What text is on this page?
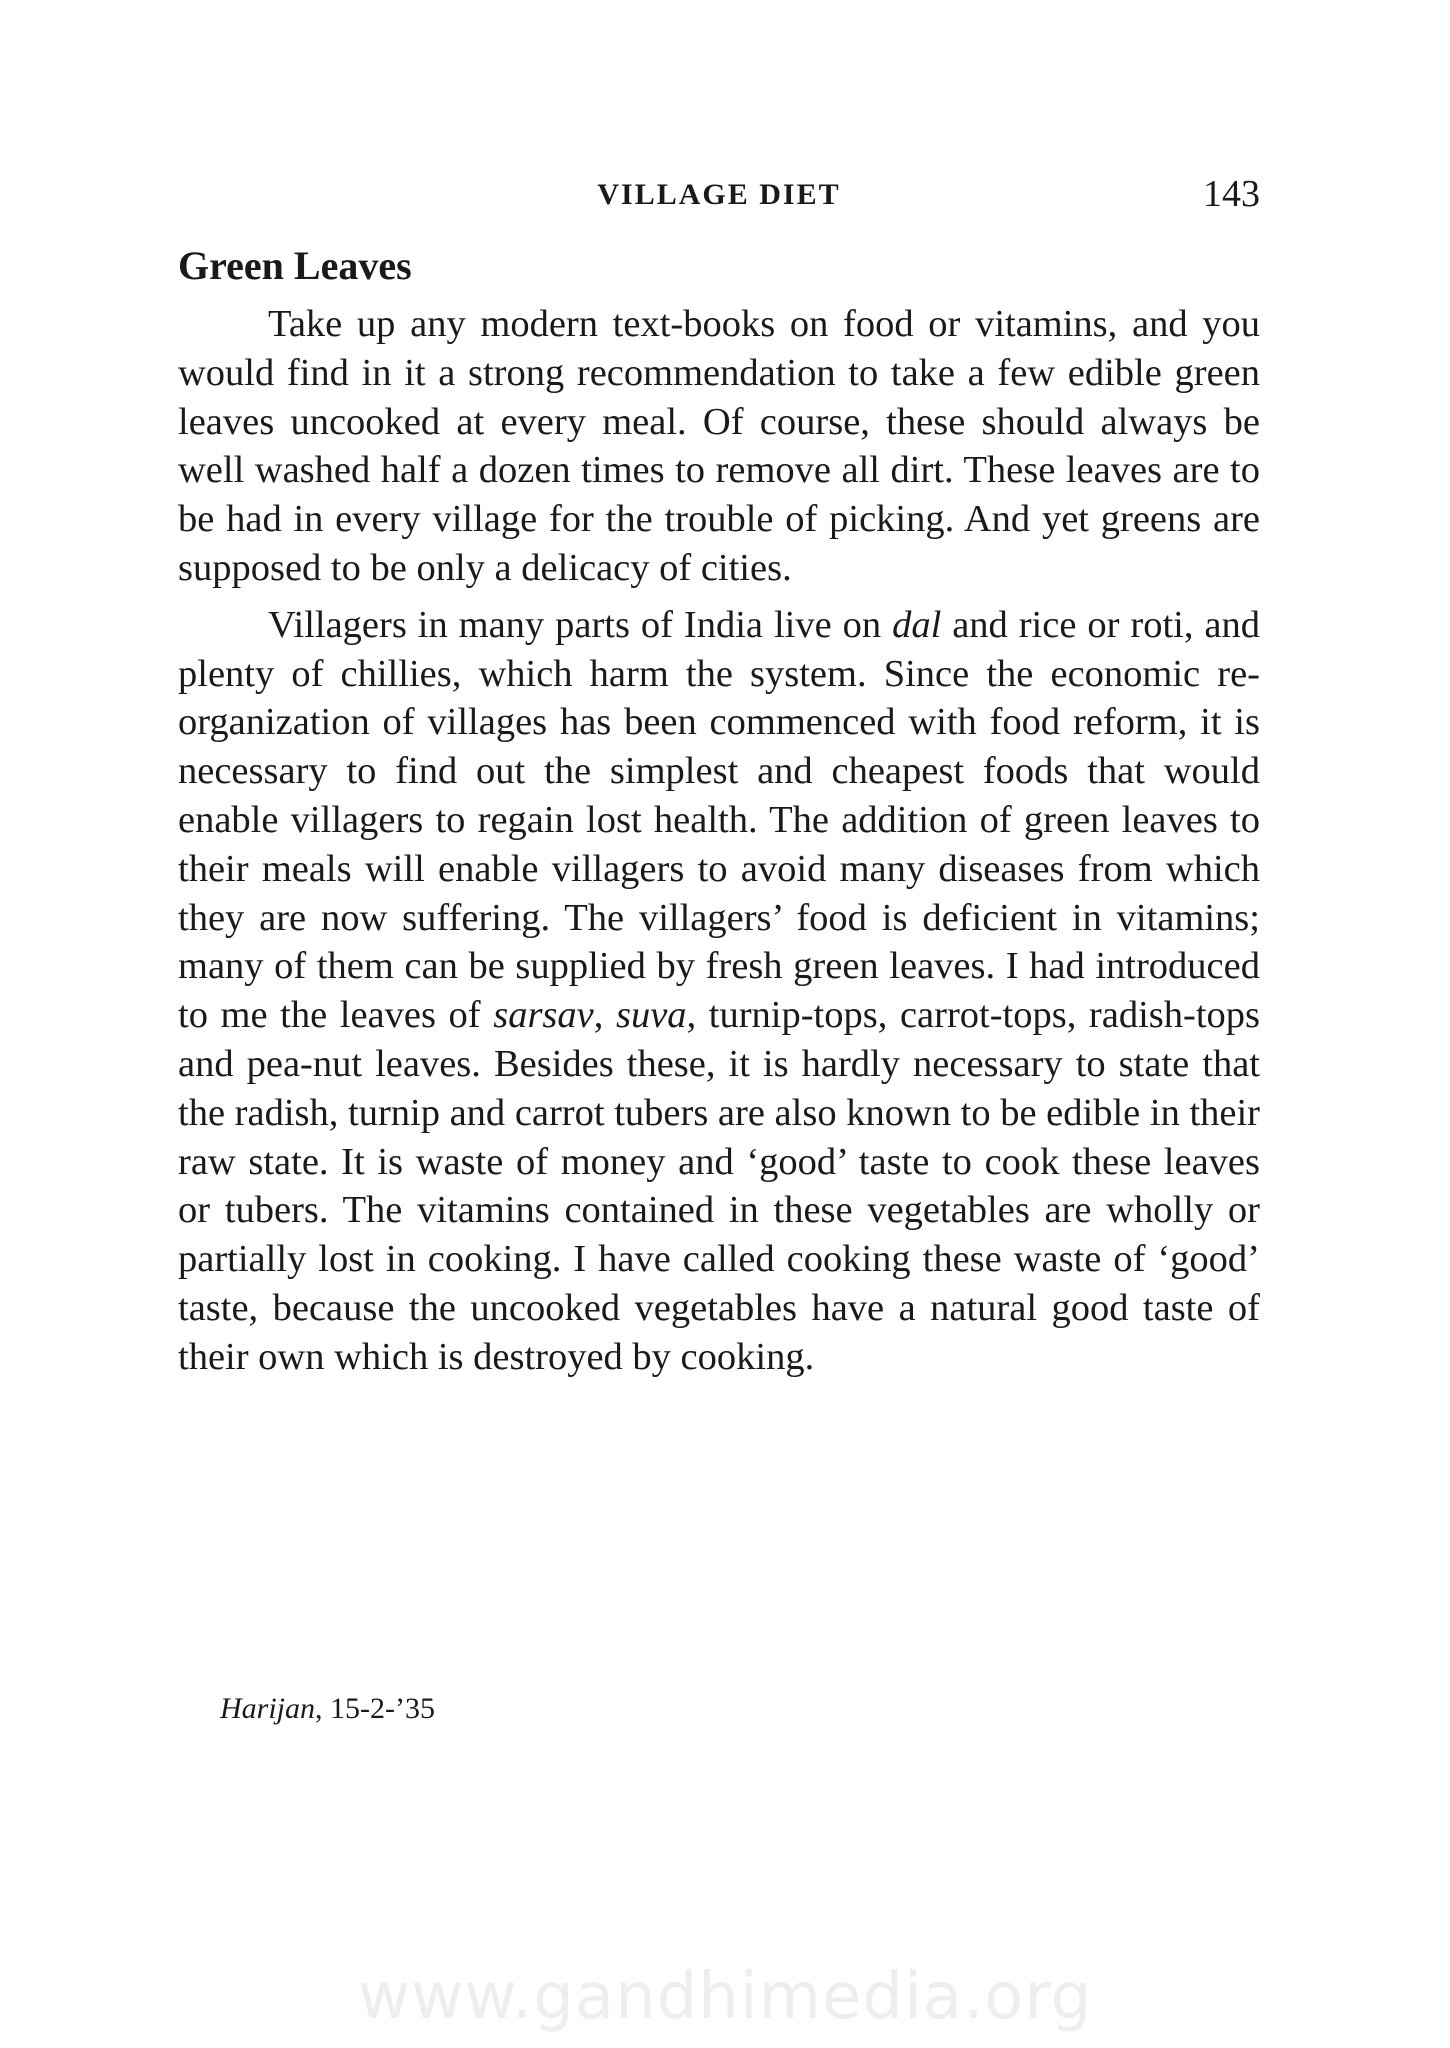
VILLAGE DIET	143
Green Leaves

Take up any modern text-books on food or vitamins, and you would find in it a strong recommendation to take a few edible green leaves uncooked at every meal. Of course, these should always be well washed half a dozen times to remove all dirt. These leaves are to be had in every village for the trouble of picking. And yet greens are supposed to be only a delicacy of cities.

Villagers in many parts of India live on dal and rice or roti, and plenty of chillies, which harm the system. Since the economic re-organization of villages has been commenced with food reform, it is necessary to find out the simplest and cheapest foods that would enable villagers to regain lost health. The addition of green leaves to their meals will enable villagers to avoid many diseases from which they are now suffering. The villagers’ food is deficient in vitamins; many of them can be supplied by fresh green leaves. I had introduced to me the leaves of sarsav, suva, turnip-tops, carrot-tops, radish-tops and pea-nut leaves. Besides these, it is hardly necessary to state that the radish, turnip and carrot tubers are also known to be edible in their raw state. It is waste of money and ‘good’ taste to cook these leaves or tubers. The vitamins contained in these vegetables are wholly or partially lost in cooking. I have called cooking these waste of ‘good’ taste, because the uncooked vegetables have a natural good taste of their own which is destroyed by cooking.

Harijan, 15-2-’35
www.gandhimedia.org
